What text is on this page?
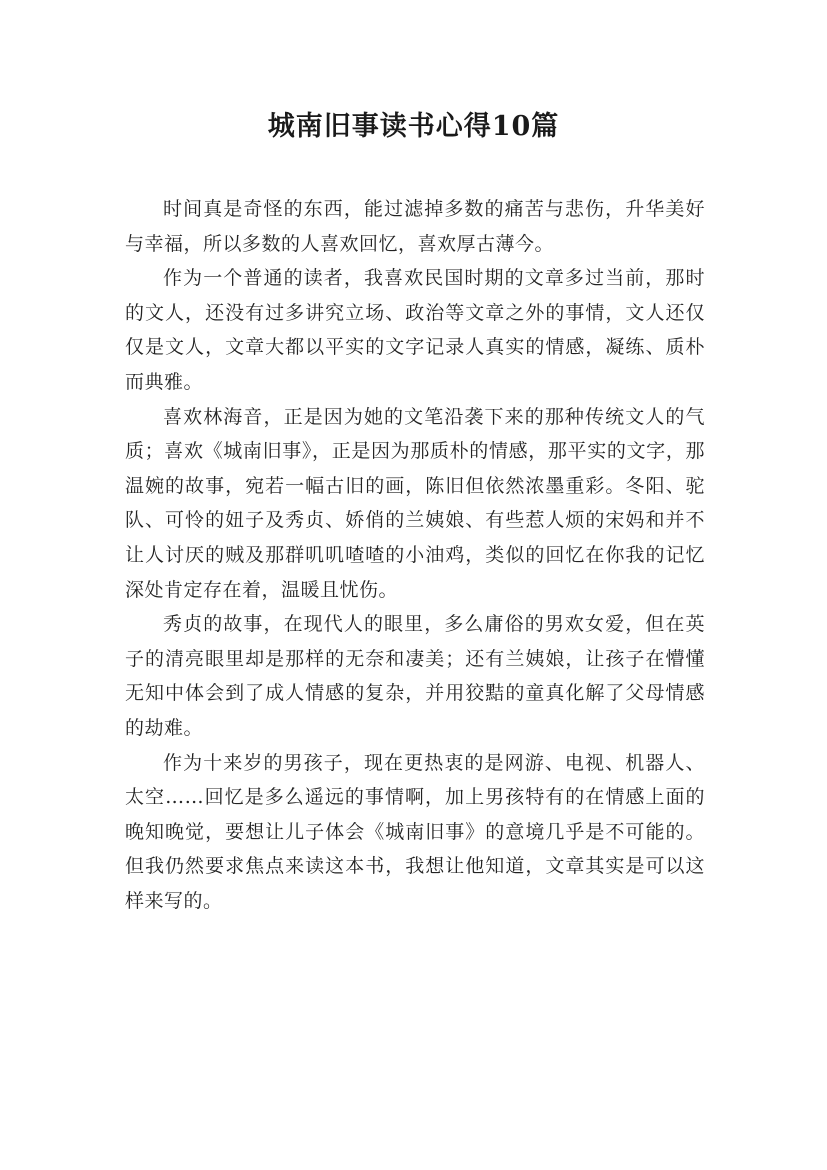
城南旧事读书心得10篇

时间真是奇怪的东西，能过滤掉多数的痛苦与悲伤，升华美好与幸福，所以多数的人喜欢回忆，喜欢厚古薄今。

作为一个普通的读者，我喜欢民国时期的文章多过当前，那时的文人，还没有过多讲究立场、政治等文章之外的事情，文人还仅仅是文人，文章大都以平实的文字记录人真实的情感，凝练、质朴而典雅。

喜欢林海音，正是因为她的文笔沿袭下来的那种传统文人的气质；喜欢《城南旧事》，正是因为那质朴的情感，那平实的文字，那温婉的故事，宛若一幅古旧的画，陈旧但依然浓墨重彩。冬阳、驼队、可怜的妞子及秀贞、娇俏的兰姨娘、有些惹人烦的宋妈和并不让人讨厌的贼及那群叽叽喳喳的小油鸡，类似的回忆在你我的记忆深处肯定存在着，温暖且忧伤。

秀贞的故事，在现代人的眼里，多么庸俗的男欢女爱，但在英子的清亮眼里却是那样的无奈和凄美；还有兰姨娘，让孩子在懵懂无知中体会到了成人情感的复杂，并用狡黠的童真化解了父母情感的劫难。

作为十来岁的男孩子，现在更热衷的是网游、电视、机器人、太空……回忆是多么遥远的事情啊，加上男孩特有的在情感上面的晚知晚觉，要想让儿子体会《城南旧事》的意境几乎是不可能的。但我仍然要求焦点来读这本书，我想让他知道，文章其实是可以这样来写的。
